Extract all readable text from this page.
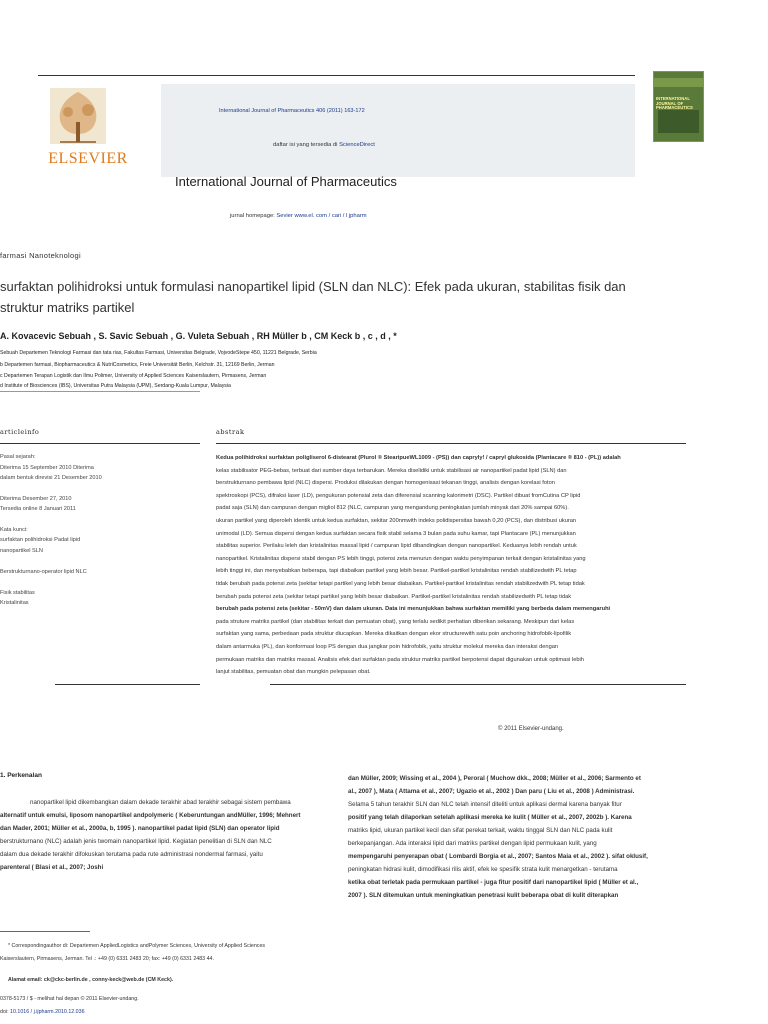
ELSEVIER
International Journal of Pharmaceutics 406 (2011) 163-172
daftar isi yang tersedia di ScienceDirect
INTERNATIONAL JOURNAL OF PHARMACEUTICS
International Journal of Pharmaceutics
jurnal homepage: Sevier www.el. com / cari / l jpharm
farmasi Nanoteknologi
surfaktan polihidroksi untuk formulasi nanopartikel lipid (SLN dan NLC): Efek pada ukuran, stabilitas fisik dan
struktur matriks partikel
A. Kovacevic Sebuah , S. Savic Sebuah , G. Vuleta Sebuah , RH Müller b , CM Keck b , c , d , *
Sebuah Departemen Teknologi Farmasi dan tata rias, Fakultas Farmasi, Universitas Belgrade, VojvodeStepe 450, 11221 Belgrade, Serbia
b Departemen farmasi, Biopharmaceutics & NutriCosmetics, Freie Universität Berlin, Kelchstr. 31, 12169 Berlin, Jerman
c Departemen Terapan Logistik dan Ilmu Polimer, University of Applied Sciences Kaiserslautern, Pirmasens, Jerman
d Institute of Biosciences (IBS), Universitas Putra Malaysia (UPM), Serdang-Kuala Lumpur, Malaysia
articleinfo	abstrak
Pasal sejarah:
Diterima 15 September 2010 Diterima
dalam bentuk direvisi 21 Desember 2010
Diterima Desember 27, 2010
Tersedia online 8 Januari 2011
Kata kunci:
surfaktan polihidroksi Padat lipid
nanopartikel SLN
Berstrukturnano-operator lipid NLC
Fisik stabilitas
Kristalinitas
Kedua polihidroksi surfaktan poligliserol 6-distearat (Plurol ® StearipueWL1009 - (PS)) dan capryly! / capryl glukosida (Plantacare ® 810 - (PL)) adalah
kelas stabilisator PEG-bebas, terbuat dari sumber daya terbarukan. Mereka diselidiki untuk stabilisasi air nanopartikel padat lipid (SLN) dan
berstrukturnano pembawa lipid (NLC) dispersi. Produksi dilakukan dengan homogenisasi tekanan tinggi, analisis dengan korelasi foton
spektroskopi (PCS), difraksi laser (LD), pengukuran potensial zeta dan diferensial scanning kalorimetri (DSC). Partikel dibuat fromCutina CP lipid
padat saja (SLN) dan campuran dengan migliol 812 (NLC, campuran yang mengandung peningkatan jumlah minyak dari 20% sampai 60%).
ukuran partikel yang diperoleh identik untuk kedua surfaktan, sekitar 200nmwith indeks polidispersitas bawah 0,20 (PCS), dan distribusi ukuran
unimodal (LD). Semua dispersi dengan kedua surfaktan secara fisik stabil selama 3 bulan pada suhu kamar, tapi Plantacare (PL) menunjukkan
stabilitas superior. Perilaku leleh dan kristalinitas massal lipid / campuran lipid dibandingkan dengan nanopartikel. Keduanya lebih rendah untuk
nanopartikel. Kristalinitas dispersi stabil dengan PS lebih tinggi, potensi zeta menurun dengan waktu penyimpanan terkait dengan kristalinitas yang
lebih tinggi ini, dan menyebabkan beberapa, tapi diabaikan partikel yang lebih besar. Partikel-partikel kristalinitas rendah stabilizedwith PL tetap
tidak berubah pada potensi zeta (sekitar tetapi partikel yang lebih besar diabaikan. Partikel-partikel kristalinitas rendah stabilizedwith PL tetap tidak
berubah pada potensi zeta (sekitar tetapi partikel yang lebih besar diabaikan. Partikel-partikel kristalinitas rendah stabilizedwith PL tetap tidak
berubah pada potensi zeta (sekitar - 50mV) dan dalam ukuran. Data ini menunjukkan bahwa surfaktan memiliki yang berbeda dalam memengaruhi
pada struture matriks partikel (dan stabilitas terkait dan pemuatan obat), yang terlalu sedikit perhatian diberikan sekarang. Meskipun dari kelas
surfaktan yang sama, perbedaan pada struktur diucapkan. Mereka dikaitkan dengan ekor structurewith satu poin anchoring hidrofobik-lipofilik
dalam antarmuka (PL), dan konformasi loop PS dengan dua jangkar poin hidrofobik, yaitu struktur molekul mereka dan interaksi dengan
permukaan matriks dan matriks massal. Analisis efek dari surfaktan pada struktur matriks partikel berpotensi dapat digunakan untuk optimasi lebih
lanjut stabilitas, pemuatan obat dan mungkin pelepasan obat.
© 2011 Elsevier-undang.
1. Perkenalan
nanopartikel lipid dikembangkan dalam dekade terakhir abad terakhir sebagai sistem pembawa
alternatif untuk emulsi, liposom nanopartikel andpolymeric ( Keberuntungan andMüller, 1996; Mehnert
dan Mader, 2001; Müller et al., 2000a, b, 1995 ). nanopartikel padat lipid (SLN) dan operator lipid
berstrukturnano (NLC) adalah jenis twomain nanopartikel lipid. Kegiatan penelitian di SLN dan NLC
dalam dua dekade terakhir difokuskan terutama pada rute administrasi nondermal farmasi, yaitu
parenteral ( Blasi et al., 2007; Joshi
dan Müller, 2009; Wissing et al., 2004 ), Peroral ( Muchow dkk., 2008; Müller et al., 2006; Sarmento et
al., 2007 ), Mata ( Attama et al., 2007; Ugazio et al., 2002 ) Dan paru ( Liu et al., 2008 ) Administrasi.
Selama 5 tahun terakhir SLN dan NLC telah intensif diteliti untuk aplikasi dermal karena banyak fitur
positif yang telah dilaporkan setelah aplikasi mereka ke kulit ( Müller et al., 2007, 2002b ). Karena
matriks lipid, ukuran partikel kecil dan sifat perekat terkait, waktu tinggal SLN dan NLC pada kulit
berkepanjangan. Ada interaksi lipid dari matriks partikel dengan lipid permukaan kulit, yang
mempengaruhi penyerapan obat ( Lombardi Borgia et al., 2007; Santos Maia et al., 2002 ). sifat oklusif,
peningkatan hidrasi kulit, dimodifikasi rilis aktif, efek ke spesifik strata kulit menargetkan - terutama
ketika obat terletak pada permukaan partikel - juga fitur positif dari nanopartikel lipid ( Müller et al.,
2007 ). SLN ditemukan untuk meningkatkan penetrasi kulit beberapa obat di kulit diterapkan
* Correspondingauthor di: Departemen AppliedLogistics andPolymer Sciences, University of Applied Sciences
Kaiserslautern, Pirmasens, Jerman. Tel .: +49 (0) 6331 2483 20; fax: +49 (0) 6331 2483 44.
Alamat email: ck@ckc-berlin.de , conny-keck@web.de (CM Keck).
0378-5173 / $ - melihat hal depan © 2011 Elsevier-undang.
doi: 10.1016 / j.ijpharm.2010.12.036
